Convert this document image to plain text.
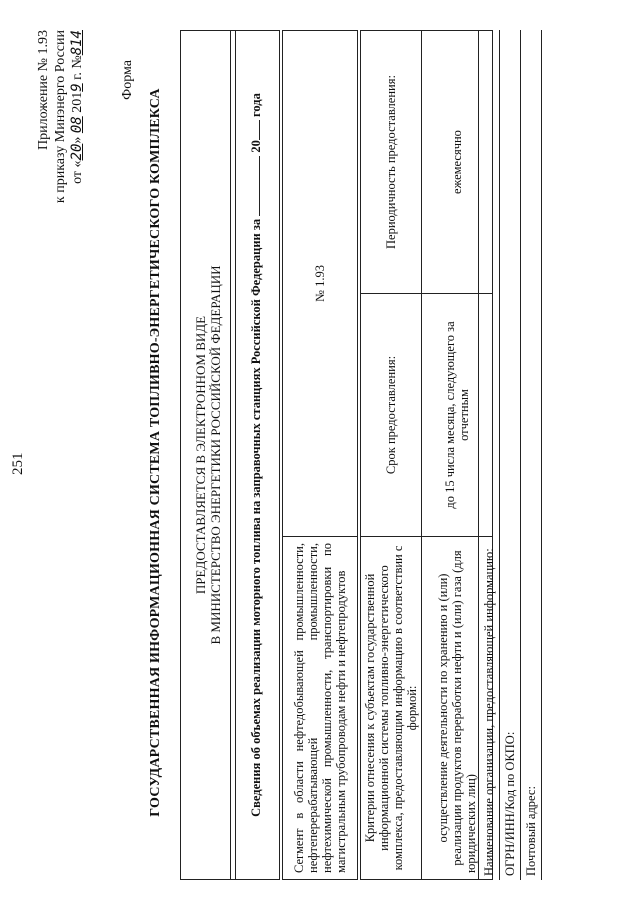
251
Приложение № 1.93 к приказу Минэнерго России от «20» 08 2019 г. №814
Форма
ГОСУДАРСТВЕННАЯ ИНФОРМАЦИОННАЯ СИСТЕМА ТОПЛИВНО-ЭНЕРГЕТИЧЕСКОГО КОМПЛЕКСА ПРЕДОСТАВЛЯЕТСЯ В ЭЛЕКТРОННОМ ВИДЕ В МИНИСТЕРСТВО ЭНЕРГЕТИКИ РОССИЙСКОЙ ФЕДЕРАЦИИ Сведения об объемах реализации моторного топлива на заправочных станциях Российской Федерации за  20 года
Сегмент в области нефтедобывающей промышленности, нефтеперерабатывающей промышленности, нефтехимической промышленности, транспортировки по магистральным трубопроводам нефти и нефтепродуктов	№ 1.93
Критерии отнесения к субъектам государственной информационной системы топливно-энергетического комплекса, предоставляющим информацию в соответствии с формой:	Срок предоставления:	Периодичность предоставления:
осуществление деятельности по хранению и (или) реализации продуктов переработки нефти и (или) газа (для юридических лиц)	до 15 числа месяца, следующего за отчетным	ежемесячно
Наименование организации, предоставляющей информацию:
ОГРН/ИНН/Код по ОКПО:
Почтовый адрес:
